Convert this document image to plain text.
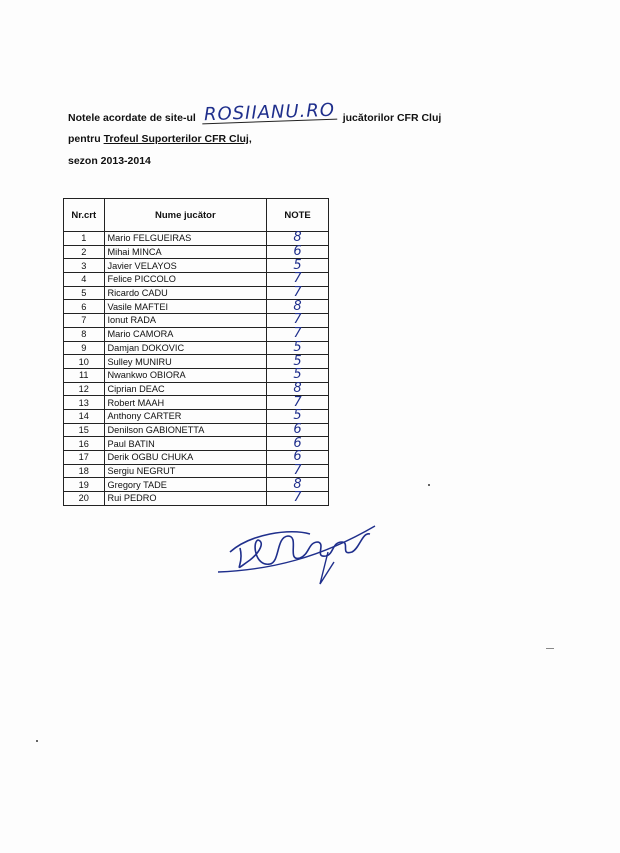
Notele acordate de site-ul ROSIIANU.RO jucătorilor CFR Cluj
pentru Trofeul Suporterilor CFR Cluj,
sezon 2013-2014
Nr.crt	Nume jucător	NOTE
1	Mario FELGUEIRAS	8
2	Mihai MINCA	6
3	Javier VELAYOS	5
4	Felice PICCOLO	7
5	Ricardo CADU	7
6	Vasile MAFTEI	8
7	Ionut RADA	7
8	Mario CAMORA	7
9	Damjan DOKOVIC	5
10	Sulley MUNIRU	5
11	Nwankwo OBIORA	5
12	Ciprian DEAC	8
13	Robert MAAH	7
14	Anthony CARTER	5
15	Denilson GABIONETTA	6
16	Paul BATIN	6
17	Derik OGBU CHUKA	6
18	Sergiu NEGRUT	7
19	Gregory TADE	8
20	Rui PEDRO	7
